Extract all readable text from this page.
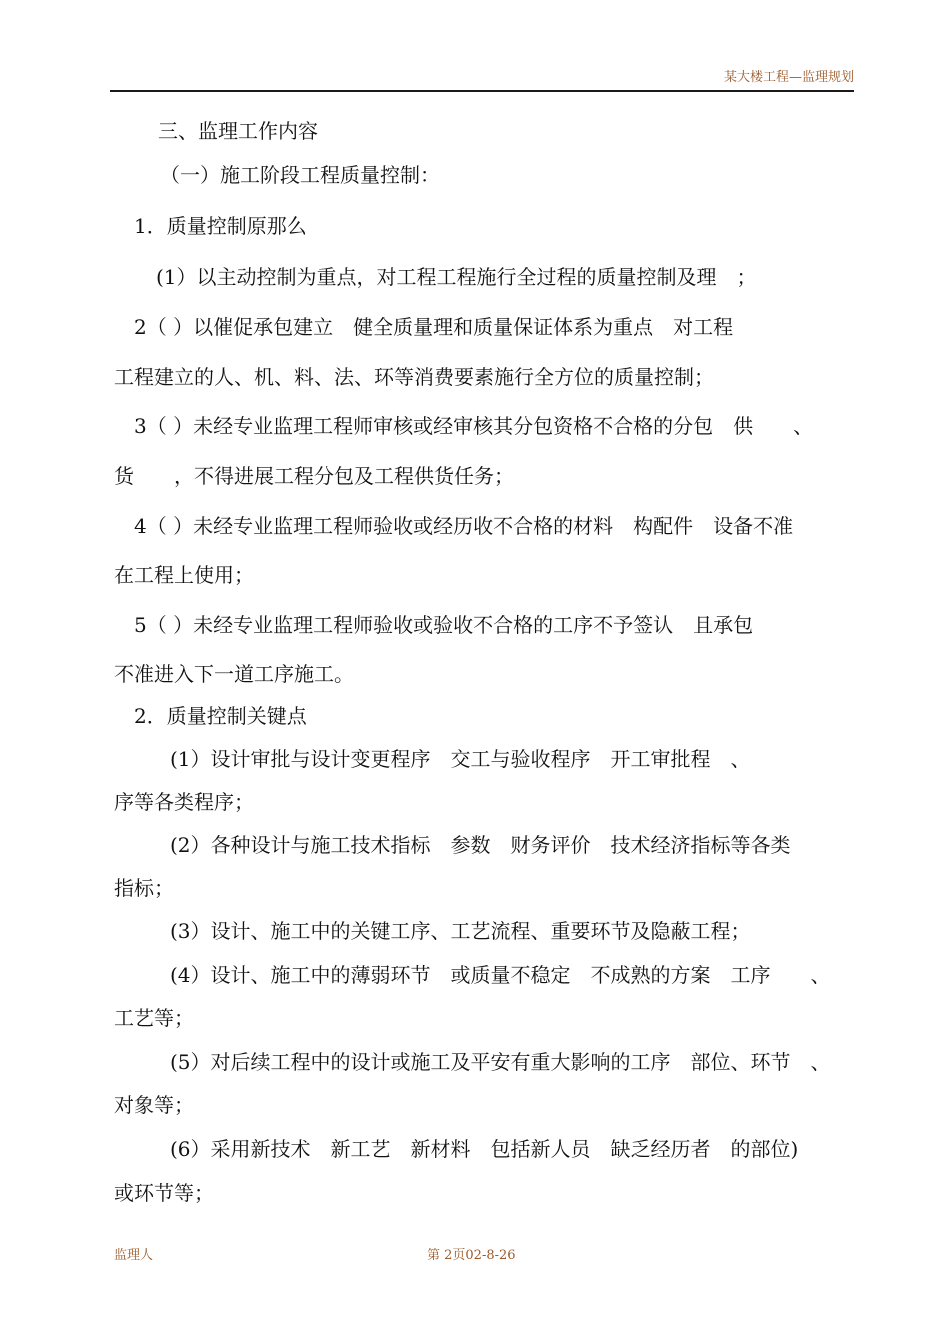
某大楼工程—监理规划
三、监理工作内容
（一）施工阶段工程质量控制：
1．质量控制原那么
(1）以主动控制为重点，对工程工程施行全过程的质量控制及理　；
2（ ）以催促承包建立　健全质量理和质量保证体系为重点　对工程
工程建立的人、机、料、法、环等消费要素施行全方位的质量控制；
3（ ）未经专业监理工程师审核或经审核其分包资格不合格的分包　供　　、
货　　，不得进展工程分包及工程供货任务；
4（ ）未经专业监理工程师验收或经历收不合格的材料　构配件　设备不准
在工程上使用；
5（ ）未经专业监理工程师验收或验收不合格的工序不予签认　且承包
不准进入下一道工序施工。
2．质量控制关键点
(1）设计审批与设计变更程序　交工与验收程序　开工审批程　、
序等各类程序；
(2）各种设计与施工技术指标　参数　财务评价　技术经济指标等各类
指标；
(3）设计、施工中的关键工序、工艺流程、重要环节及隐蔽工程；
(4）设计、施工中的薄弱环节　或质量不稳定　不成熟的方案　工序　　、
工艺等；
(5）对后续工程中的设计或施工及平安有重大影响的工序　部位、环节　、
对象等；
(6）采用新技术　新工艺　新材料　包括新人员　缺乏经历者　的部位)
或环节等；
监理人	第 2页02-8-26
